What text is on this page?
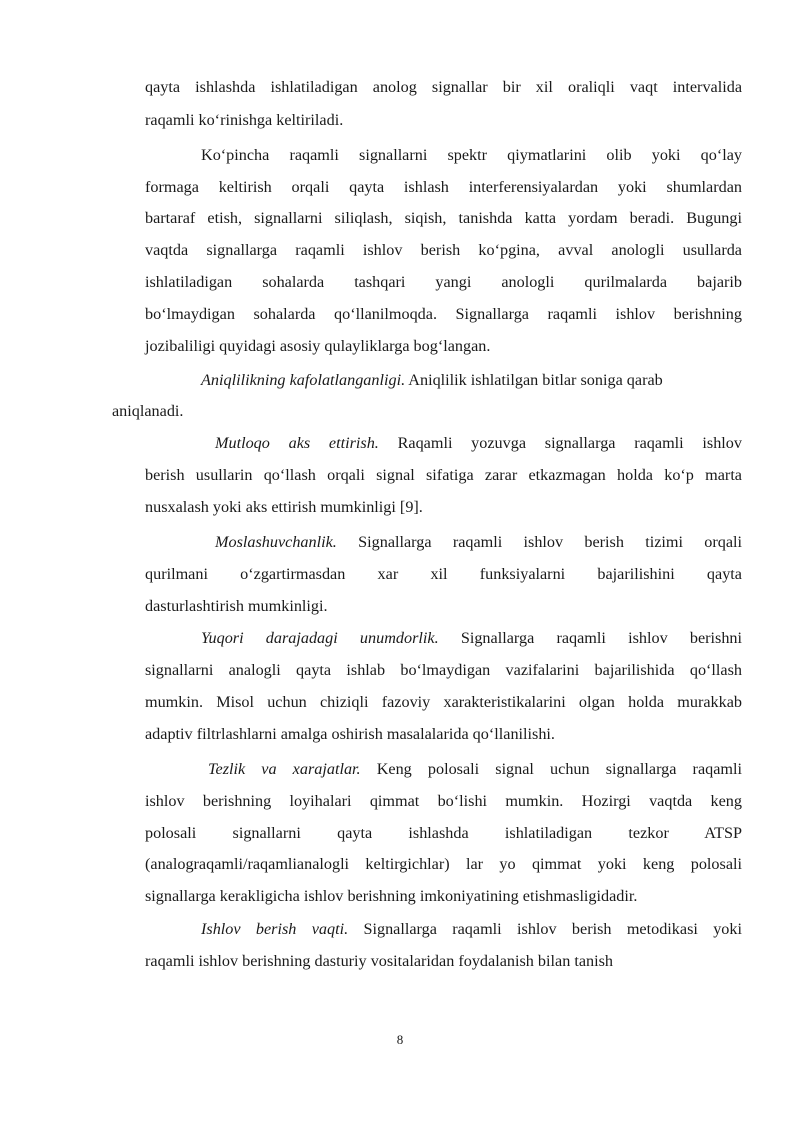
qayta ishlashda ishlatiladigan anolog signallar bir xil oraliqli vaqt intervalida
raqamli ko‘rinishga keltiriladi.
Ko‘pincha raqamli signallarni spektr qiymatlarini olib yoki qo‘lay
formaga keltirish orqali qayta ishlash interferensiyalardan yoki shumlardan
bartaraf etish, signallarni siliqlash, siqish, tanishda katta yordam beradi. Bugungi
vaqtda signallarga raqamli ishlov berish ko‘pgina, avval anologli usullarda
ishlatiladigan sohalarda tashqari yangi anologli qurilmalarda bajarib
bo‘lmaydigan sohalarda qo‘llanilmoqda. Signallarga raqamli ishlov berishning
jozibaliligi quyidagi asosiy qulayliklarga bog‘langan.
Aniqlilikning kafolatlanganligi. Aniqlilik ishlatilgan bitlar soniga qarab
aniqlanadi.
Mutloqo aks ettirish. Raqamli yozuvga signallarga raqamli ishlov
berish usullarin qo‘llash orqali signal sifatiga zarar etkazmagan holda ko‘p marta
nusxalash yoki aks ettirish mumkinligi [9].
Moslashuvchanlik. Signallarga raqamli ishlov berish tizimi orqali
qurilmani o‘zgartirmasdan xar xil funksiyalarni bajarilishini qayta
dasturlashtirish mumkinligi.
Yuqori darajadagi unumdorlik. Signallarga raqamli ishlov berishni
signallarni analogli qayta ishlab bo‘lmaydigan vazifalarini bajarilishida qo‘llash
mumkin. Misol uchun chiziqli fazoviy xarakteristikalarini olgan holda murakkab
adaptiv filtrlashlarni amalga oshirish masalalarida qo‘llanilishi.
Tezlik va xarajatlar. Keng polosali signal uchun signallarga raqamli
ishlov berishning loyihalari qimmat bo‘lishi mumkin. Hozirgi vaqtda keng
polosali signallarni qayta ishlashda ishlatiladigan tezkor ATSP
(analograqamli/raqamlianalogli keltirgichlar) lar yo qimmat yoki keng polosali
signallarga kerakligicha ishlov berishning imkoniyatining etishmasligidadir.
Ishlov berish vaqti. Signallarga raqamli ishlov berish metodikasi yoki
raqamli ishlov berishning dasturiy vositalaridan foydalanish bilan tanish
8
